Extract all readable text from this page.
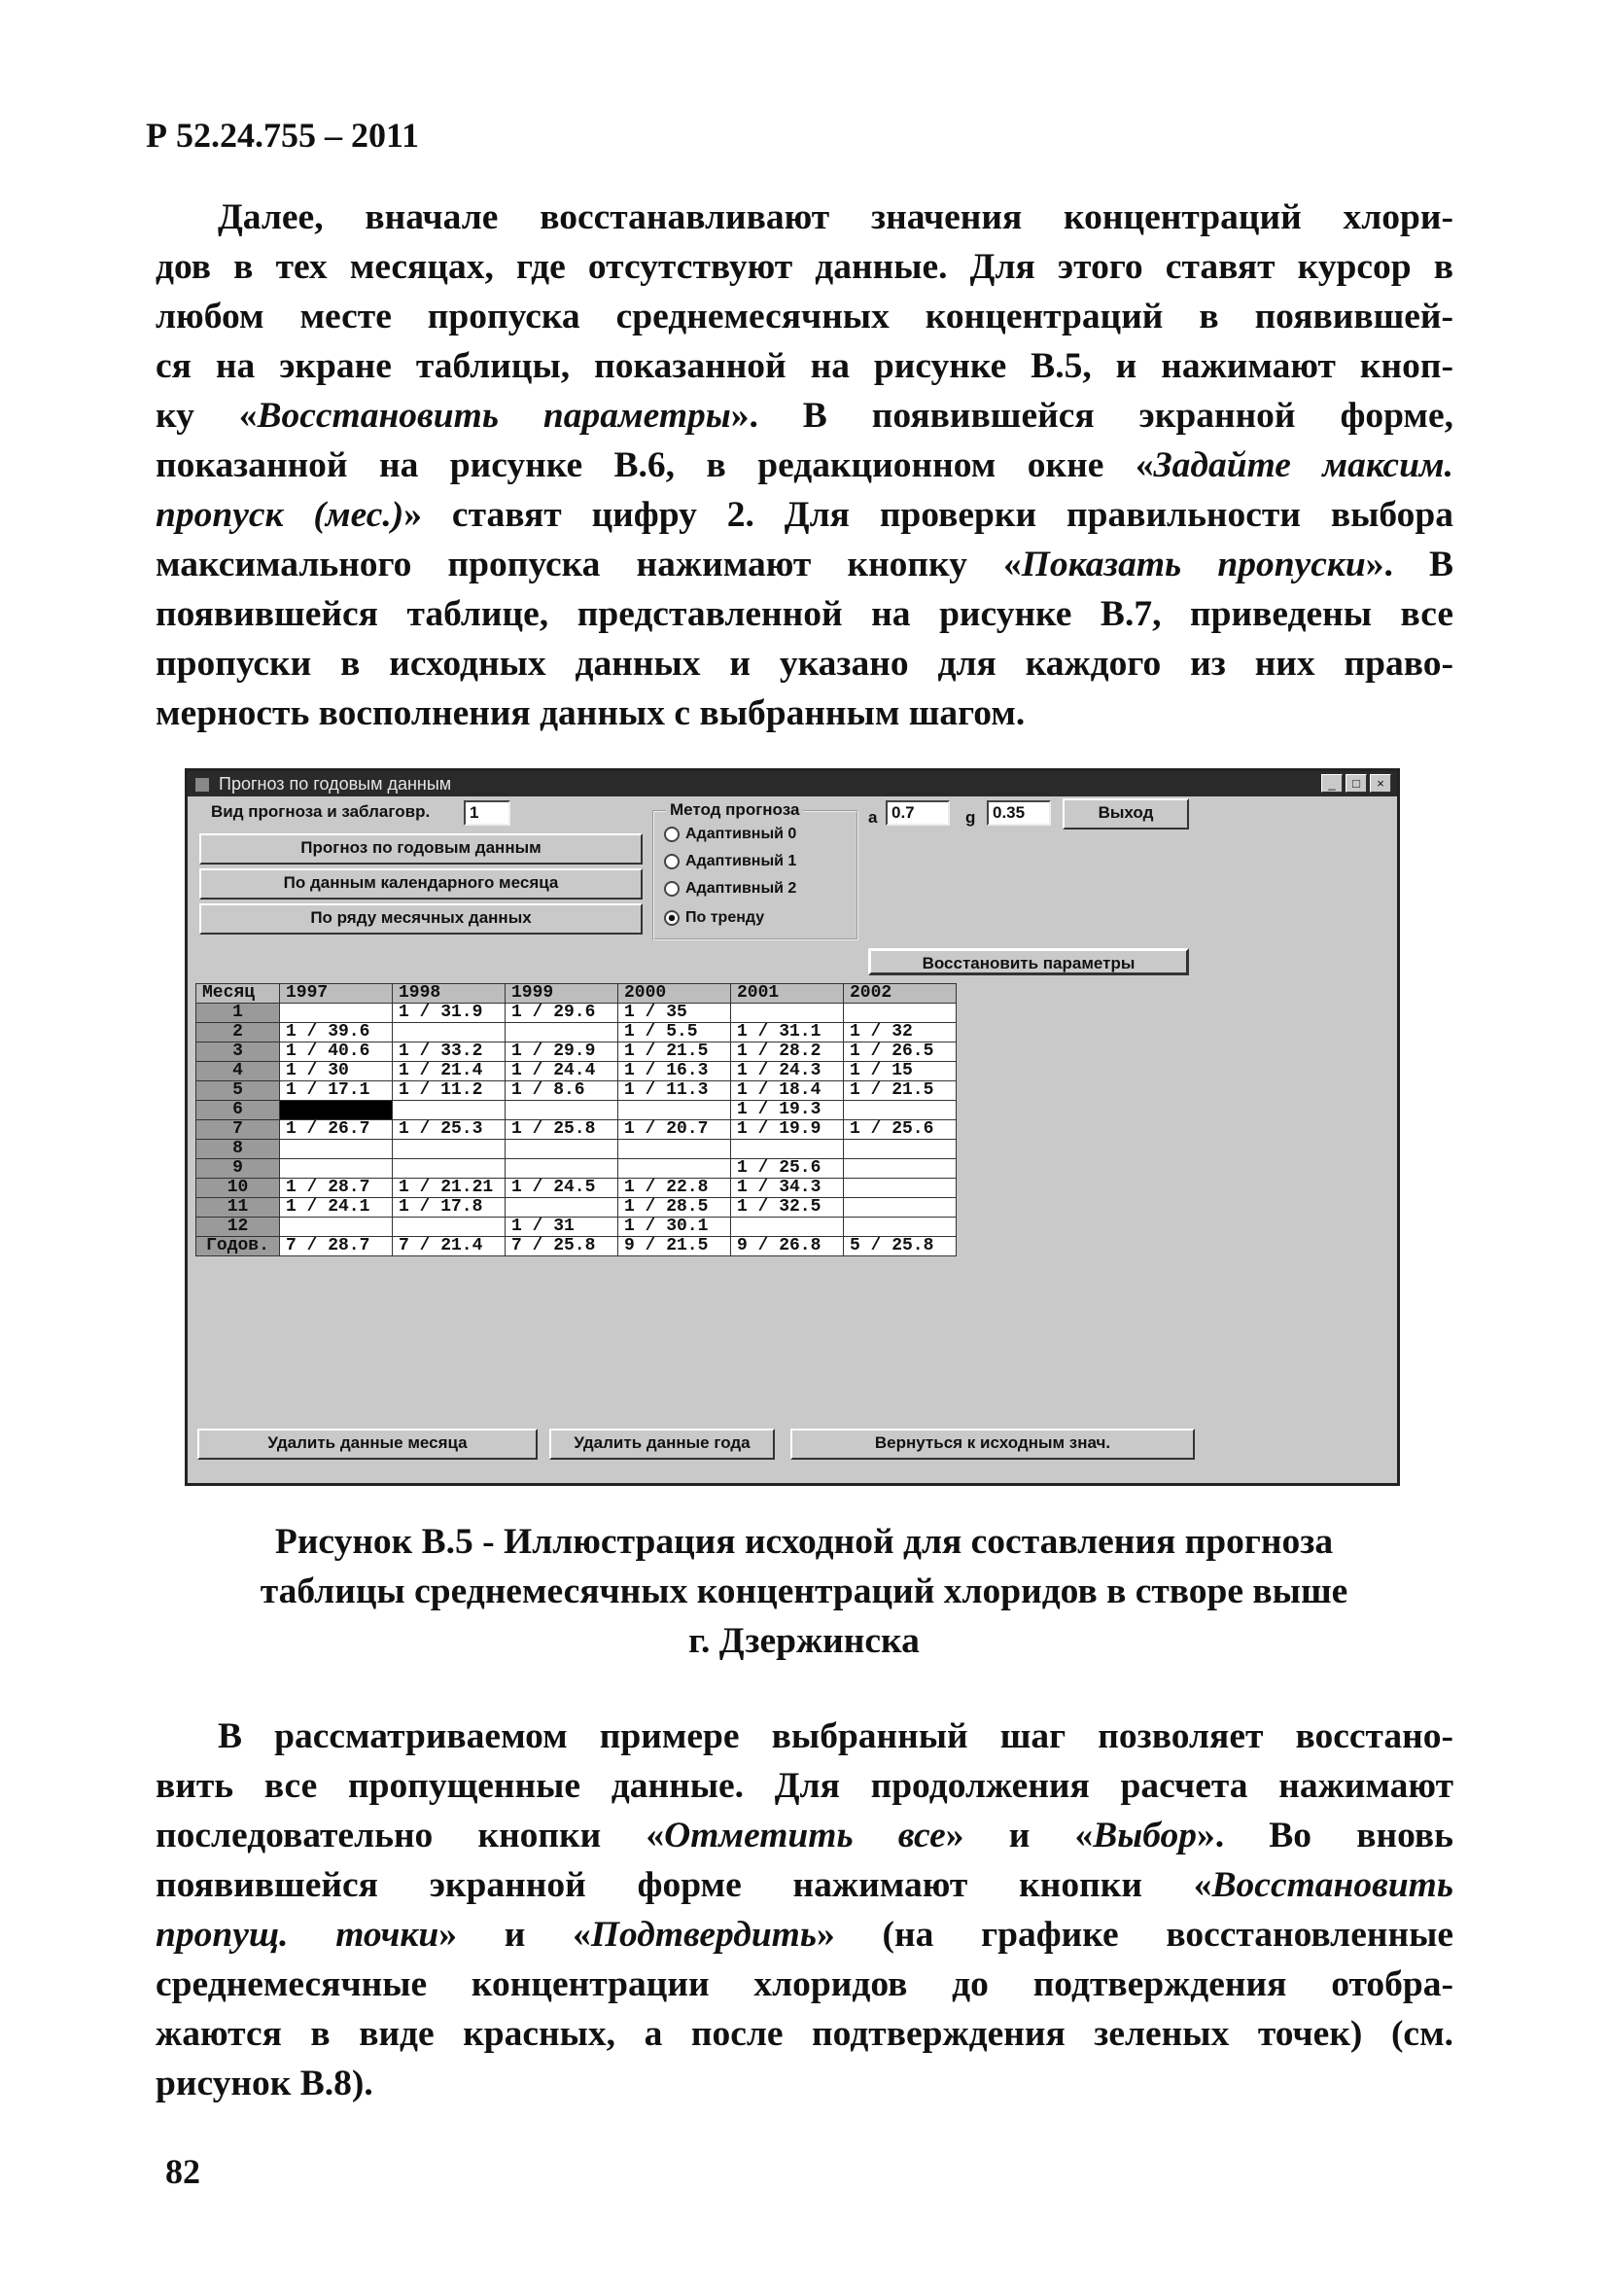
Р 52.24.755 – 2011
Далее, вначале восстанавливают значения концентраций хлори-
дов в тех месяцах, где отсутствуют данные. Для этого ставят курсор в
любом месте пропуска среднемесячных концентраций в появившей-
ся на экране таблицы, показанной на рисунке В.5, и нажимают кноп-
ку «Восстановить параметры». В появившейся экранной форме,
показанной на рисунке В.6, в редакционном окне «Задайте максим.
пропуск (мес.)» ставят цифру 2. Для проверки правильности выбора
максимального пропуска нажимают кнопку «Показать пропуски». В
появившейся таблице, представленной на рисунке В.7, приведены все
пропуски в исходных данных и указано для каждого из них право-
мерность восполнения данных с выбранным шагом.
Прогноз по годовым данным	_	□	×
Вид прогноза и заблаговр.	1
Прогноз по годовым данным
По данным календарного месяца
По ряду месячных данных
Метод прогноза
Адаптивный 0
Адаптивный 1
Адаптивный 2
По тренду
a 0.7	g	0.35	Выход
Восстановить параметры
Месяц	1997	1998	1999	2000	2001	2002
1		1 / 31.9	1 / 29.6	1 / 35		
2	1 / 39.6			1 / 5.5	1 / 31.1	1 / 32
3	1 / 40.6	1 / 33.2	1 / 29.9	1 / 21.5	1 / 28.2	1 / 26.5
4	1 / 30	1 / 21.4	1 / 24.4	1 / 16.3	1 / 24.3	1 / 15
5	1 / 17.1	1 / 11.2	1 / 8.6	1 / 11.3	1 / 18.4	1 / 21.5
6					1 / 19.3	
7	1 / 26.7	1 / 25.3	1 / 25.8	1 / 20.7	1 / 19.9	1 / 25.6
8						
9					1 / 25.6	
10	1 / 28.7	1 / 21.21	1 / 24.5	1 / 22.8	1 / 34.3	
11	1 / 24.1	1 / 17.8		1 / 28.5	1 / 32.5	
12			1 / 31	1 / 30.1		
Годов.	7 / 28.7	7 / 21.4	7 / 25.8	9 / 21.5	9 / 26.8	5 / 25.8
Удалить данные месяца	Удалить данные года	Вернуться к исходным знач.
Рисунок В.5 - Иллюстрация исходной для составления прогноза
таблицы среднемесячных концентраций хлоридов в створе выше
г. Дзержинска
В рассматриваемом примере выбранный шаг позволяет восстано-
вить все пропущенные данные. Для продолжения расчета нажимают
последовательно кнопки «Отметить все» и «Выбор». Во вновь
появившейся экранной форме нажимают кнопки «Восстановить
пропущ. точки» и «Подтвердить» (на графике восстановленные
среднемесячные концентрации хлоридов до подтверждения отобра-
жаются в виде красных, а после подтверждения зеленых точек) (см.
рисунок В.8).
82
